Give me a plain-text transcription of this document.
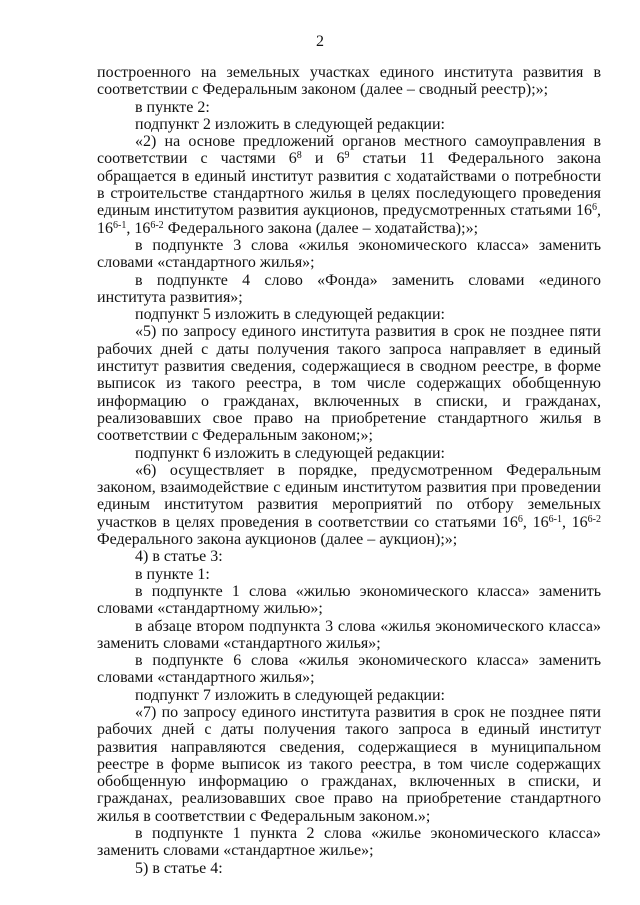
2

построенного на земельных участках единого института развития в соответствии с Федеральным законом (далее – сводный реестр);»;

в пункте 2:

подпункт 2 изложить в следующей редакции:

«2) на основе предложений органов местного самоуправления в соответствии с частями $6^8$ и $6^9$ статьи 11 Федерального закона обращается в единый институт развития с ходатайствами о потребности в строительстве стандартного жилья в целях последующего проведения единым институтом развития аукционов, предусмотренных статьями $16^6$, 16$^{6-1}$, 16$^{6-2}$ Федерального закона (далее – ходатайства);»;

в подпункте 3 слова «жилья экономического класса» заменить словами «стандартного жилья»;

в подпункте 4 слово «Фонда» заменить словами «единого института развития»;

подпункт 5 изложить в следующей редакции:

«5) по запросу единого института развития в срок не позднее пяти рабочих дней с даты получения такого запроса направляет в единый институт развития сведения, содержащиеся в сводном реестре, в форме выписок из такого реестра, в том числе содержащих обобщенную информацию о гражданах, включенных в списки, и гражданах, реализовавших свое право на приобретение стандартного жилья в соответствии с Федеральным законом;»;

подпункт 6 изложить в следующей редакции:

«6) осуществляет в порядке, предусмотренном Федеральным законом, взаимодействие с единым институтом развития при проведении единым институтом развития мероприятий по отбору земельных участков в целях проведения в соответствии со статьями $16^6$, 16$^{6-1}$, 16$^{6-2}$ Федерального закона аукционов (далее – аукцион);»;

4) в статье 3:

в пункте 1:

в подпункте 1 слова «жилью экономического класса» заменить словами «стандартному жилью»;

в абзаце втором подпункта 3 слова «жилья экономического класса» заменить словами «стандартного жилья»;

в подпункте 6 слова «жилья экономического класса» заменить словами «стандартного жилья»;

подпункт 7 изложить в следующей редакции:

«7) по запросу единого института развития в срок не позднее пяти рабочих дней с даты получения такого запроса в единый институт развития направляются сведения, содержащиеся в муниципальном реестре в форме выписок из такого реестра, в том числе содержащих обобщенную информацию о гражданах, включенных в списки, и гражданах, реализовавших свое право на приобретение стандартного жилья в соответствии с Федеральным законом.»;

в подпункте 1 пункта 2 слова «жилье экономического класса» заменить словами «стандартное жилье»;

5) в статье 4:
